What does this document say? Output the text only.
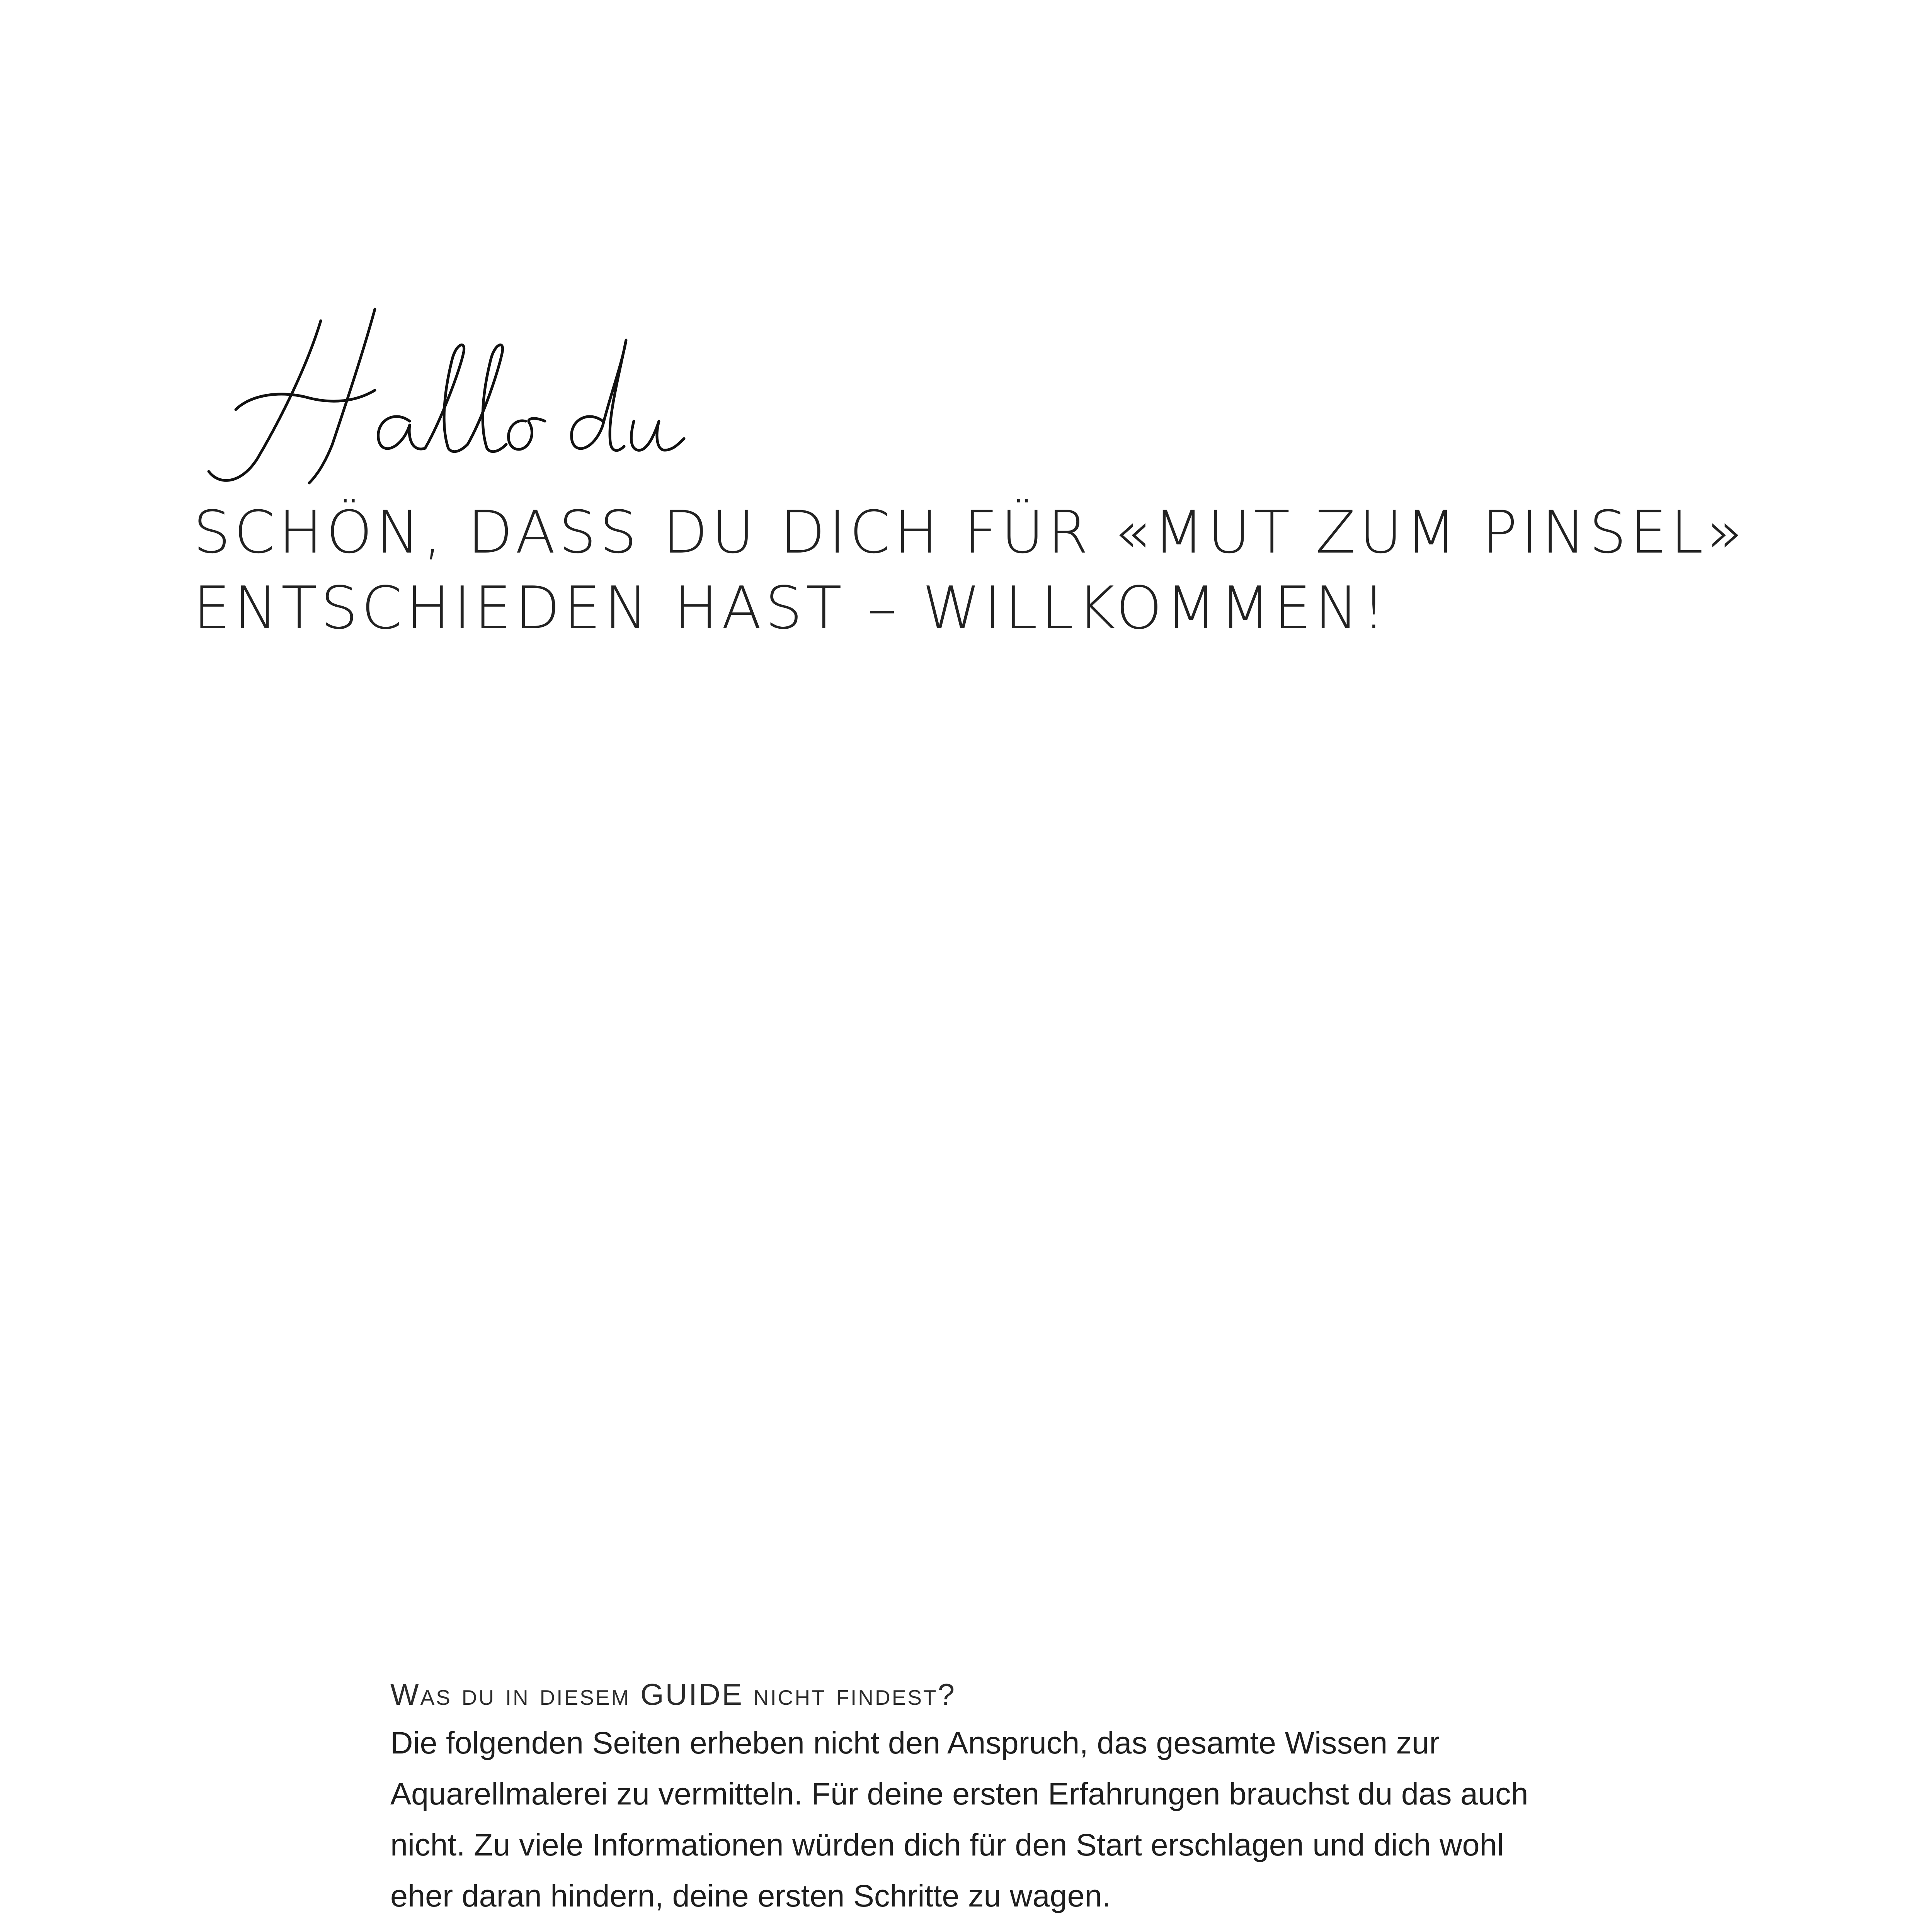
SCHÖN, DASS DU DICH FÜR «MUT ZUM PINSEL»
ENTSCHIEDEN HAST – WILLKOMMEN!
Was du in diesem GUIDE nicht findest?

Die folgenden Seiten erheben nicht den Anspruch, das gesamte Wissen zur
Aquarellmalerei zu vermitteln. Für deine ersten Erfahrungen brauchst du das auch
nicht. Zu viele Informationen würden dich für den Start erschlagen und dich wohl
eher daran hindern, deine ersten Schritte zu wagen.
